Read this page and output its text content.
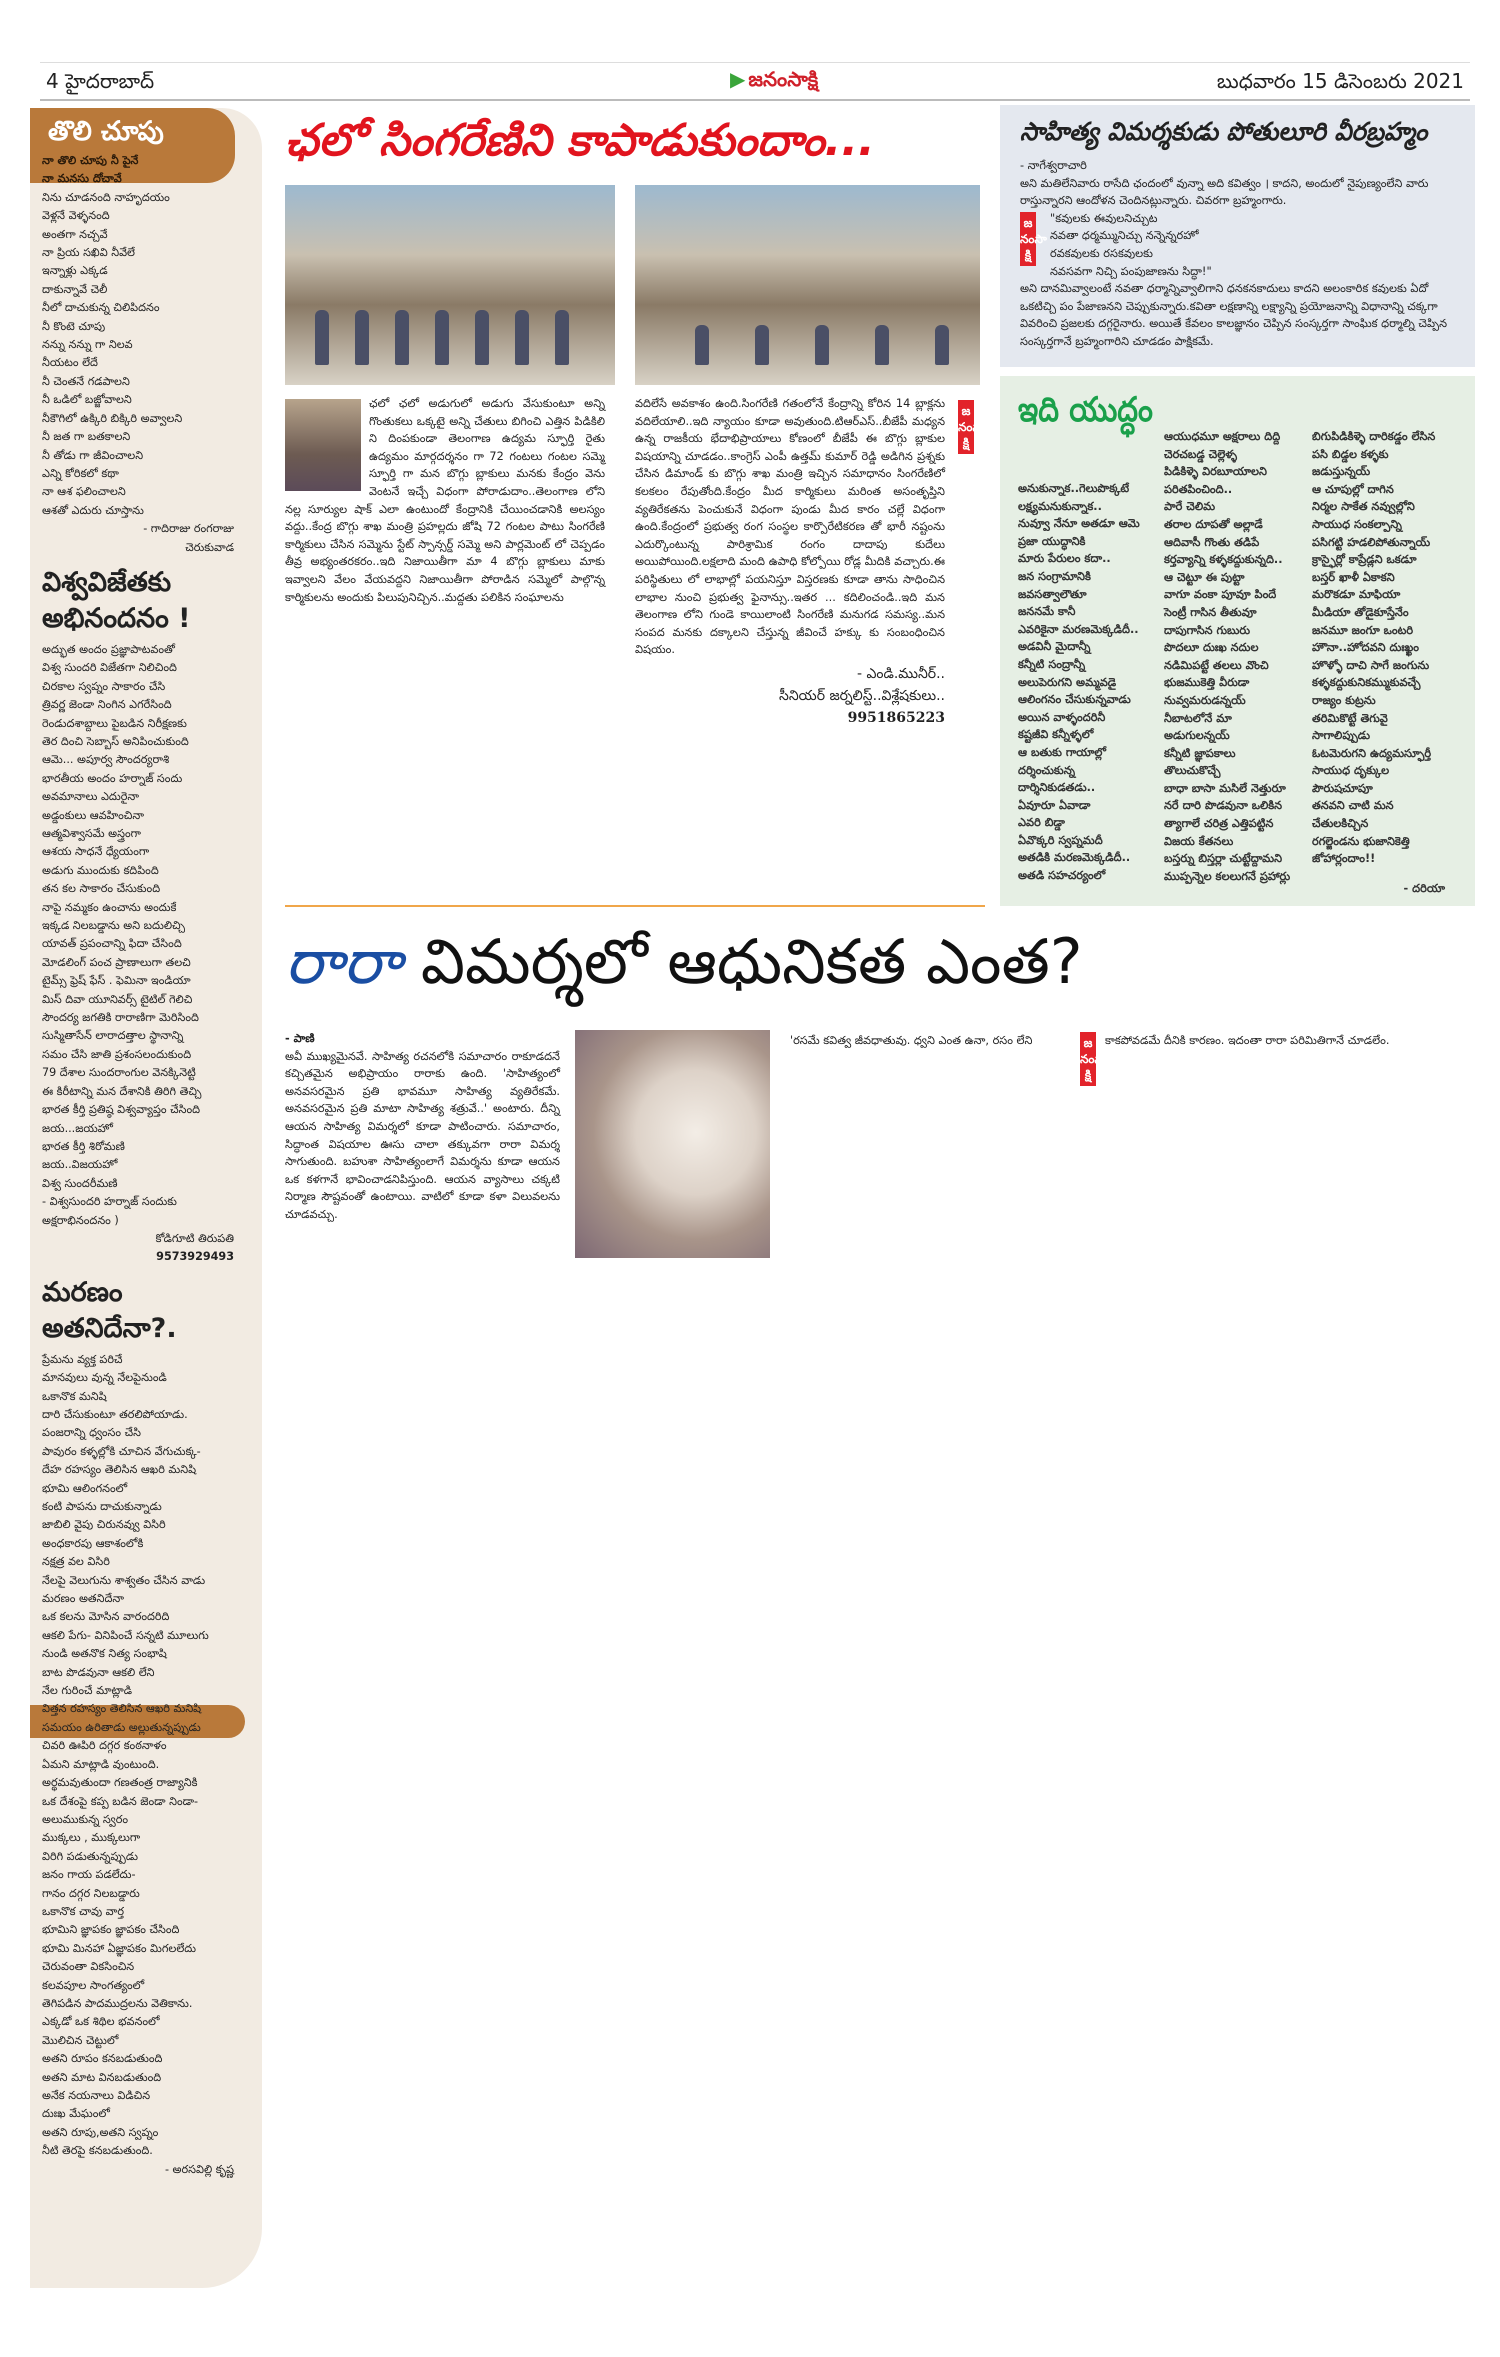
4 హైదరాబాద్	▶ జనంసాక్షి	బుధవారం 15 డిసెంబరు 2021
తొలి చూపు
నా తొలి చూపు నీ పైనే
నా మనసు దోచావే
నిను చూడనంది నాహృదయం
వెళ్లనే వెళ్ళనంది
అంతగా నచ్చవే
నా ప్రియ సఖివి నీవేలే
ఇన్నాళ్లు ఎక్కడ
దాకున్నావే చెలీ
నీలో దాచుకున్న చిలిపిదనం
నీ కొంటె చూపు
నన్ను నన్ను గా నిలవ
నీయటం లేదే
నీ చెంతనే గడపాలని
నీ ఒడిలో బజ్జోవాలని
నీకౌగిలో ఉక్కిరి బిక్కిరి అవ్వాలని
నీ జత గా బతకాలని
నీ తోడు గా జీవించాలని
ఎన్ని కోరికలో కథా
నా ఆశ ఫలించాలని
ఆశతో ఎదురు చూస్తాను
- గాదిరాజు రంగరాజు
చెరుకువాడ
విశ్వవిజేతకు అభినందనం !
అద్భుత అందం ప్రజ్ఞాపాటవంతో
విశ్వ సుందరి విజేతగా నిలిచింది
చిరకాల స్వప్నం సాకారం చేసి
త్రివర్ణ జెండా నింగిన ఎగరేసింది
రెండుదశాబ్దాలు పైబడిన నిరీక్షణకు
తెర దించి సెబ్బాస్ అనిపించుకుంది
ఆమె... అపూర్వ సౌందర్యరాశి
భారతీయ అందం హర్నాజ్ సందు
అవమానాలు ఎదురైనా
అడ్డంకులు ఆవహించినా
ఆత్మవిశ్వాసమే అస్త్రంగా
ఆశయ సాధనే ధ్యేయంగా
అడుగు ముందుకు కదిపింది
తన కల సాకారం చేసుకుంది
నాపై నమ్మకం ఉంచాను అందుకే
ఇక్కడ నిలబడ్డాను అని బదులిచ్చి
యావత్ ప్రపంచాన్ని ఫిదా చేసింది
మోడలింగ్ పంచ ప్రాణాలుగా తలచి
టైమ్స్ ఫ్రెష్ ఫేస్ . ఫెమినా ఇండియా
మిస్ దివా యూనివర్స్ టైటిల్ గెలిచి
సౌందర్య జగతికి రారాణిగా మెరిసింది
సుస్మితాసేన్ లారాదత్తాల స్థానాన్ని
సమం చేసి జాతి ప్రశంసలందుకుంది
79 దేశాల సుందరాంగుల వెనక్కినెట్టి
ఈ కిరీటాన్ని మన దేశానికి తిరిగి తెచ్చి
భారత కీర్తి ప్రతిష్ఠ విశ్వవ్యాప్తం చేసింది
జయ...జయహో
భారత కీర్తి శిరోమణి
జయ..విజయహో
విశ్వ సుందరీమణి
- విశ్వసుందరి హర్నాజ్ సందుకు
అక్షరాభినందనం )
కోడిగూటి తిరుపతి
9573929493
మరణం అతనిదేనా?.
ప్రేమను వ్యక్త పరిచే
మానవులు వున్న నేలపైనుండి
ఒకానొక మనిషి
దారి చేసుకుంటూ తరలిపోయాడు.
పంజరాన్ని ధ్వంసం చేసి
పావురం కళ్ళల్లోకి చూచిన వేగుచుక్క-
దేహ రహస్యం తెలిసిన ఆఖరి మనిషి
భూమి ఆలింగనంలో
కంటి పాపను దాచుకున్నాడు
జాబిలి వైపు చిరునవ్వు విసిరి
అంధకారపు ఆకాశంలోకి
నక్షత్ర వల విసిరి
నేలపై వెలుగును శాశ్వతం చేసిన వాడు
మరణం అతనిదేనా
ఒక కలను మోసిన వారందరిది
ఆకలి పేగు- వినిపించే సన్నటి మూలుగు
నుండి అతనొక నిత్య సంభాషి
బాట పొడవునా ఆకలి లేని
నేల గురించే మాట్లాడి
విత్తన రహస్యం తెలిసిన ఆఖరి మనిషి
సమయం ఉరితాడు అల్లుతున్నప్పుడు
చివరి ఊపిరి దగ్గర కంఠనాళం
ఏమని మాట్లాడి వుంటుంది.
అర్థమవుతుందా గణతంత్ర రాజ్యానికి
ఒక దేశంపై కప్ప బడిన జెండా నిండా-
అలుముకున్న స్వరం
ముక్కలు , ముక్కలుగా
విరిగి పడుతున్నప్పుడు
జనం గాయ పడలేదు-
గానం దగ్గర నిలబడ్డారు
ఒకానొక చావు వార్త
భూమిని జ్ఞాపకం జ్ఞాపకం చేసింది
భూమి మినహా ఏజ్ఞాపకం మిగలలేదు
చెరువంతా వికసించిన
కలవపూల సాంగత్యంలో
తెగిపడిన పాదముద్రలను వెతికాను.
ఎక్కడో ఒక శిథిల భవనంలో
మొలిచిన చెట్టులో
అతని రూపం కనబడుతుంది
అతని మాట వినబడుతుంది
అనేక నయనాలు విడిచిన
దుఃఖ మేఘంలో
అతని రూపు,అతని స్వప్నం
నీటి తెరపై కనబడుతుంది.
- అరసవిల్లి కృష్ణ
ఛలో సింగరేణిని కాపాడుకుందాం...
ఛలో ఛలో అడుగులో అడుగు వేసుకుంటూ అన్ని గొంతుకలు ఒక్కటై అన్ని చేతులు బిగించి ఎత్తిన పిడికిలి ని దింపకుండా తెలంగాణ ఉద్యమ స్ఫూర్తి రైతు ఉద్యమం మార్గదర్శనం గా 72 గంటలు గంటల సమ్మె స్ఫూర్తి గా మన బొగ్గు బ్లాకులు మనకు కేంద్రం వెను వెంటనే ఇచ్చే విధంగా పోరాడుదాం..తెలంగాణ లోని నల్ల సూర్యుల షాక్ ఎలా ఉంటుందో కేంద్రానికి చేయించడానికి అలస్యం వద్దు..కేంద్ర బొగ్గు శాఖ మంత్రి ప్రహల్లదు జోషి 72 గంటల పాటు సింగరేణి కార్మికులు చేసిన సమ్మెను స్టేట్ స్పాన్సర్డ్ సమ్మె అని పార్లమెంట్ లో చెప్పడం తీవ్ర అభ్యంతరకరం..ఇది నిజాయితీగా మా 4 బొగ్గు బ్లాకులు మాకు ఇవ్వాలని వేలం వేయవద్దని నిజాయితీగా పోరాడిన సమ్మెలో పాల్గొన్న కార్మికులను అందుకు పిలుపునిచ్చిన..మద్దతు పలికిన సంఘాలను
వదిలేసే అవకాశం ఉంది.సింగరేణి గతంలోనే కేంద్రాన్ని కోరిన 14 బ్లాక్లను వదిలేయాలి..ఇది న్యాయం కూడా అవుతుంది.టిఆర్ఎస్..బీజేపీ మధ్యన ఉన్న రాజకీయ భేదాభిప్రాయాలు కోణంలో బీజేపీ ఈ బొగ్గు బ్లాకుల విషయాన్ని చూడడం..కాంగ్రెస్ ఎంపీ ఉత్తమ్ కుమార్ రెడ్డి అడిగిన ప్రశ్నకు చేసిన డిమాండ్ కు బొగ్గు శాఖ మంత్రి ఇచ్చిన సమాధానం సింగరేణిలో కలకలం రేపుతోంది.కేంద్రం మీద కార్మికులు మరింత అసంతృప్తిని వ్యతిరేకతను పెంచుకునే విధంగా పుండు మీద కారం చల్లే విధంగా ఉంది.కేంద్రంలో ప్రభుత్వ రంగ సంస్థల కార్పొరేటికరణ తో భారీ నష్టంను ఎదుర్కొంటున్న పారిశ్రామిక రంగం దాదాపు కుదేలు అయిపోయింది.లక్షలాది మంది ఉపాధి కోల్పోయి రోడ్ల మీదికి వచ్చారు.ఈ పరిస్థితులు లో లాభాల్లో పయనిస్తూ విస్తరణకు కూడా తాను సాధించిన లాభాల నుంచి ప్రభుత్వ ఫైనాన్సు..ఇతర ... కదిలించండి..ఇది మన తెలంగాణ లోని గుండె కాయిలాంటి సింగరేణి మనుగడ సమస్య..మన సంపద మనకు దక్కాలని చేస్తున్న జీవించే హక్కు కు సంబంధించిన విషయం.
- ఎండి.మునీర్..
సీనియర్ జర్నలిస్ట్..విశ్లేషకులు..
9951865223
జనంసాక్షి
సాహిత్య విమర్శకుడు పోతులూరి వీరబ్రహ్మం
- నాగేశ్వరాచారి
అని మతిలేనివారు రాసేది ఛందంలో వున్నా అది కవిత్వం । కాదని, అందులో నైపుణ్యంలేని వారు రాస్తున్నారని ఆందోళన చెందినట్లున్నారు. చివరగా బ్రహ్మంగారు.
జనంసాక్షి
"కవులకు ఈవులనిచ్చుట
నవతా ధర్మమ్మునిచ్చు నన్నెన్నరహో
రవకవులకు రసకవులకు
నవసవగా నిచ్చి పంపుజాణను సిద్ధా!"
అని దానమివ్వాలంటే నవతా ధర్మాన్నివ్వాలిగాని ధనకనకాదులు కాదని అలంకారిక కవులకు ఏదో ఒకటిచ్చి పం పేజాణనని చెప్పుకున్నారు.కవితా లక్షణాన్ని లక్ష్యాన్ని ప్రయోజనాన్ని విధానాన్ని చక్కగా వివరించి ప్రజలకు దగ్గరైనారు. అయితే కేవలం కాలజ్ఞానం చెప్పిన సంస్కర్తగా సాంఘిక ధర్మాల్ని చెప్పిన సంస్కర్తగానే బ్రహ్మంగారిని చూడడం పాక్షికమే.
ఇది యుద్ధం
అనుకున్నాక..గెలుపొక్కటే
లక్ష్యమనుకున్నాక..
నువ్వూ నేనూ అతడూ ఆమె
ప్రజా యుద్ధానికి
మారు పేరులం కదా..
జన సంగ్రామానికి
జవసత్వాలౌతూ
జననమే కానీ
ఎవరికైనా మరణమెక్కడిదీ..
అడవినీ మైదాన్నీ
కన్నీటి సంద్రాన్నీ
అలుపెరుగని అమ్మవడై
ఆలింగనం చేసుకున్నవాడు
అయిన వాళ్ళందరినీ
కష్టజీవి కన్నీళ్ళలో
ఆ బతుకు గాయాల్లో
దర్శించుకున్న
దార్శినికుడతడు..
ఏవూరూ ఏవాడా
ఎవరి బిడ్డా
ఏవొక్కరి స్వప్నమదీ
అతడికి మరణమెక్కడిదీ..
అతడి సహచర్యంలో
ఆయుధమూ అక్షరాలు దిద్ది
చెరచబడ్డ చెల్లెళ్ళ
పిడికిళ్ళె విరబూయాలని
పరితపించింది..
పారే చెలిమ
తరాల దూపతో అల్లాడే
ఆదివాసీ గొంతు తడిపే
కర్తవ్యాన్ని కళ్ళకద్దుకున్నది..
ఆ చెట్టూ ఈ పుట్టా
వాగూ వంకా పూవూ పిందే
సెంట్రీ గాసిన తీతువూ
దాపుగాసిన గుబురు
పొదలూ దుఃఖ నదుల
నడిమిపట్టే తలలు వొంచి
భుజముకెత్తి వీరుడా
నువ్వమరుడన్నయ్
నీబాటలోనే మా
అడుగులన్నయ్
కన్నీటి జ్ఞాపకాలు
తొలుచుకొచ్చే
బాధా బాసా మసిలే నెత్తురూ
నరే దారి పొడవునా ఒలికిన
త్యాగాలే చరిత్ర ఎత్తిపట్టిన
విజయ కేతనలు
బస్తర్ను బిస్తర్లా చుట్టేద్దామని
ముప్పన్నెల కలలుగనే ప్రహార్లు
బిగుపిడికిళ్ళె దారికడ్డం లేసిన
పసి బిడ్డల కళ్ళకు
జడుస్తున్నయ్
ఆ చూపుల్లో దాగిన
నిర్మల సాకేత నవ్వుల్లోని
సాయుధ సంకల్పాన్ని
పసిగట్టి హడలిపోతున్నాయ్
క్రాస్ఫైర్లో కాప్రేడ్లని ఒకడూ
బస్తర్ ఖాళీ ఏకాకని
మరొకడూ మాఫియా
మీడియా తోడైకూస్తేనేం
జనమూ జంగూ ఒంటరి
హౌనా..హోదవని దుఃఖ్ఖం
హొళ్ళో దాచి సాగే జంగును
కళ్ళకద్దుకునికమ్ముకువచ్చే
రాజ్యం కుట్రను
తరిమికొట్టే తెగువై
సాగాలిప్పుడు
ఓటమెరుగని ఉద్యమస్ఫూర్తీ
సాయుధ దృక్కుల
పౌరుషచూపూ
తనవని చాటి మన
చేతులకిచ్చిన
రగల్జెండను భుజానికెత్తి
జోహార్లందాం!!
- దరియా
రారా విమర్శలో ఆధునికత ఎంత?
- పాణి
అవీ ముఖ్యమైనవే. సాహిత్య రచనలోకి సమాచారం రాకూడదనే కచ్చితమైన అభిప్రాయం రారాకు ఉంది. 'సాహిత్యంలో అనవసరమైన ప్రతి భావమూ సాహిత్య వ్యతిరేకమే. అనవసరమైన ప్రతి మాటా సాహిత్య శత్రువే..' అంటారు. దీన్ని ఆయన సాహిత్య విమర్శలో కూడా పాటించారు. సమాచారం, సిద్ధాంత విషయాల ఊసు చాలా తక్కువగా రారా విమర్శ సాగుతుంది. బహుశా సాహిత్యంలాగే విమర్శను కూడా ఆయన ఒక కళగానే భావించాడనిపిస్తుంది. ఆయన వ్యాసాలు చక్కటి నిర్మాణ సౌష్టవంతో ఉంటాయి. వాటిలో కూడా కళా విలువలను చూడవచ్చు.
'రసమే కవిత్వ జీవధాతువు. ధ్వని ఎంత ఉనా, రసం లేని	జనంసాక్షి
కాకపోవడమే దీనికి కారణం. ఇదంతా రారా పరిమితిగానే చూడలేం.
